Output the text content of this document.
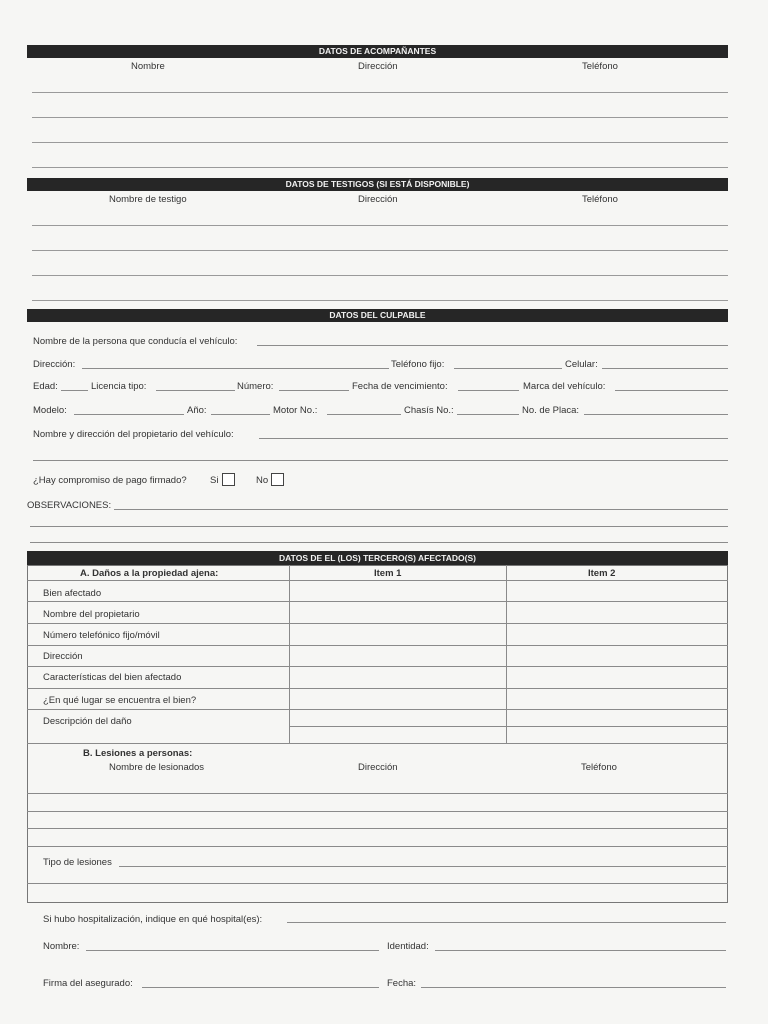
DATOS DE ACOMPAÑANTES
Nombre	Dirección	Teléfono
DATOS DE TESTIGOS (SI ESTÁ DISPONIBLE)
Nombre de testigo	Dirección	Teléfono
DATOS DEL CULPABLE
Nombre de la persona que conducía el vehículo:
Dirección:	Teléfono fijo:	Celular:
Edad:	Licencia tipo:	Número:	Fecha de vencimiento:	Marca del vehículo:
Modelo:	Año:	Motor No.:	Chasís No.:	No. de Placa:
Nombre y dirección del propietario del vehículo:
¿Hay compromiso de pago firmado? Si	No
OBSERVACIONES:
DATOS DE EL (LOS) TERCERO(S) AFECTADO(S)
A. Daños a la propiedad ajena:	Item 1	Item 2
Bien afectado
Nombre del propietario
Número telefónico fijo/móvil
Dirección
Características del bien afectado
¿En qué lugar se encuentra el bien?
Descripción del daño
B. Lesiones a personas:
Nombre de lesionados	Dirección	Teléfono
Tipo de lesiones
Si hubo hospitalización, indique en qué hospital(es):
Nombre:	Identidad:
Firma del asegurado:	Fecha:
